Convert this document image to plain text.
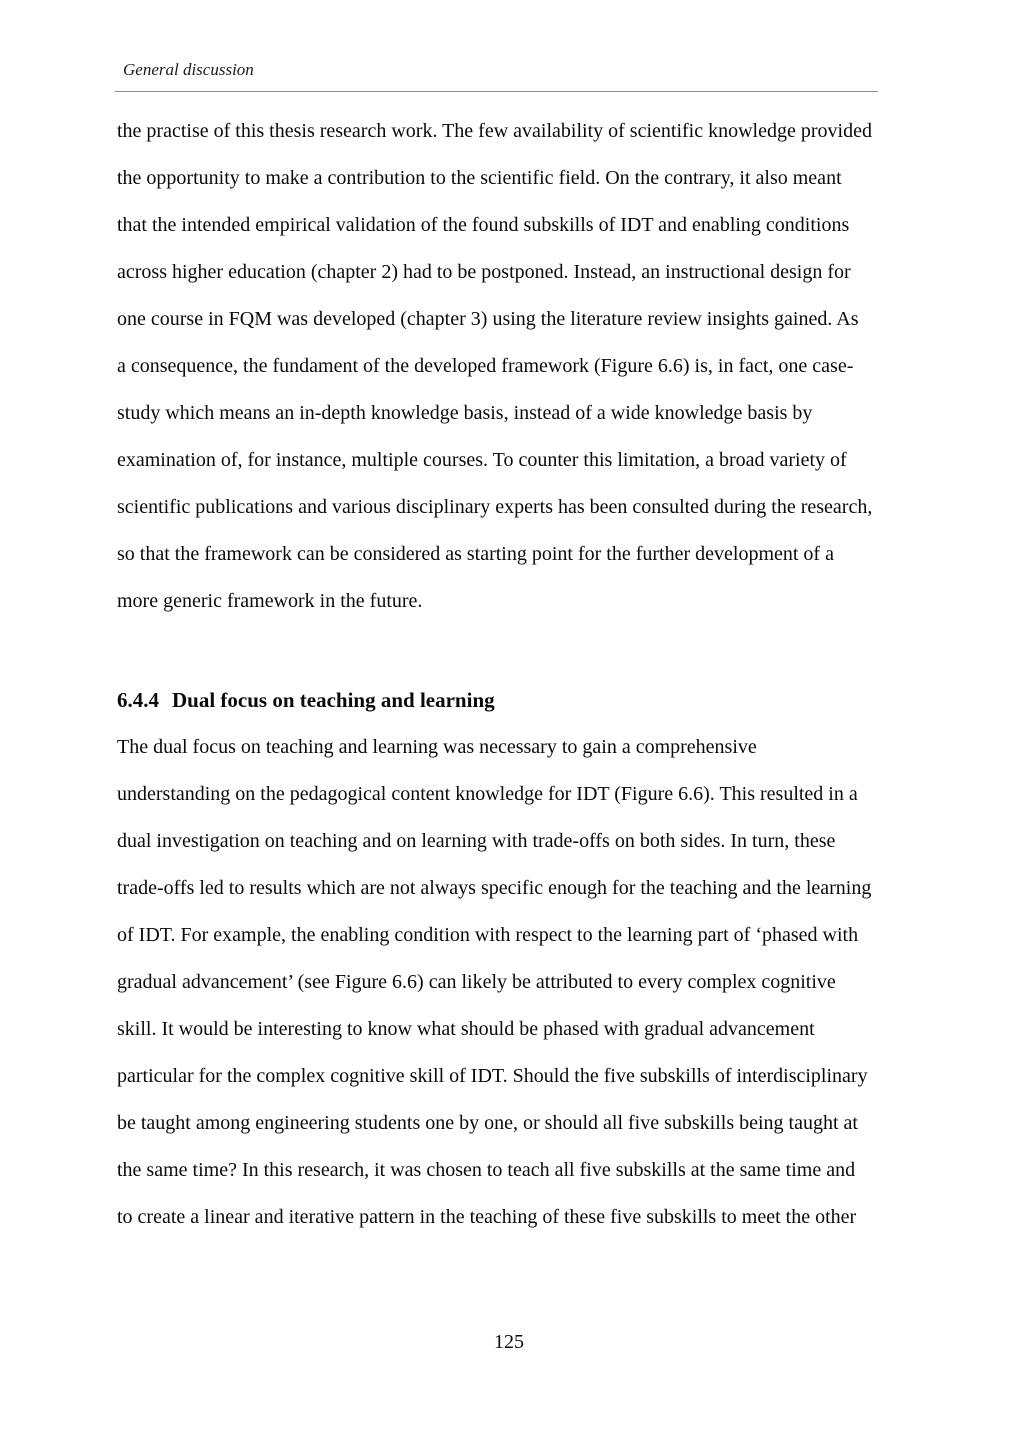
General discussion
the practise of this thesis research work. The few availability of scientific knowledge provided
the opportunity to make a contribution to the scientific field. On the contrary, it also meant
that the intended empirical validation of the found subskills of IDT and enabling conditions
across higher education (chapter 2) had to be postponed. Instead, an instructional design for
one course in FQM was developed (chapter 3) using the literature review insights gained. As
a consequence, the fundament of the developed framework (Figure 6.6) is, in fact, one case-
study which means an in-depth knowledge basis, instead of a wide knowledge basis by
examination of, for instance, multiple courses. To counter this limitation, a broad variety of
scientific publications and various disciplinary experts has been consulted during the research,
so that the framework can be considered as starting point for the further development of a
more generic framework in the future.
6.4.4 Dual focus on teaching and learning
The dual focus on teaching and learning was necessary to gain a comprehensive
understanding on the pedagogical content knowledge for IDT (Figure 6.6). This resulted in a
dual investigation on teaching and on learning with trade-offs on both sides. In turn, these
trade-offs led to results which are not always specific enough for the teaching and the learning
of IDT. For example, the enabling condition with respect to the learning part of ‘phased with
gradual advancement’ (see Figure 6.6) can likely be attributed to every complex cognitive
skill. It would be interesting to know what should be phased with gradual advancement
particular for the complex cognitive skill of IDT. Should the five subskills of interdisciplinary
be taught among engineering students one by one, or should all five subskills being taught at
the same time? In this research, it was chosen to teach all five subskills at the same time and
to create a linear and iterative pattern in the teaching of these five subskills to meet the other
125
